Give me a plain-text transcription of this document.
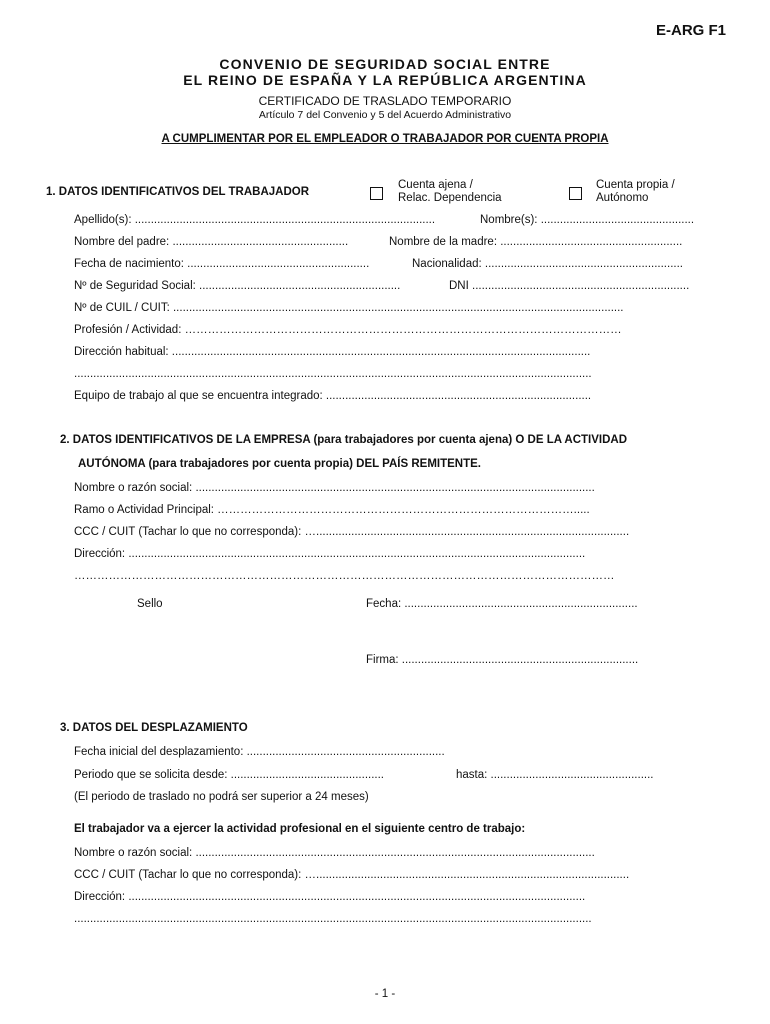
E-ARG F1
CONVENIO DE SEGURIDAD SOCIAL ENTRE
EL REINO DE ESPAÑA Y LA REPÚBLICA ARGENTINA
CERTIFICADO DE TRASLADO TEMPORARIO
Artículo 7 del Convenio y 5 del Acuerdo Administrativo
A CUMPLIMENTAR POR EL EMPLEADOR O TRABAJADOR POR CUENTA PROPIA
1. DATOS IDENTIFICATIVOS DEL TRABAJADOR
Cuenta ajena /
Relac. Dependencia
Cuenta propia /
Autónomo
Apellido(s): ..............................................................................................	Nombre(s): ................................................
Nombre del padre: .......................................................	Nombre de la madre: .........................................................
Fecha de nacimiento: .........................................................	Nacionalidad: ..............................................................
Nº de Seguridad Social: ...............................................................	DNI ....................................................................
Nº de CUIL / CUIT: .............................................................................................................................................
Profesión / Actividad: ……………………………………………………………………………………………………
Dirección habitual: ...................................................................................................................................
..................................................................................................................................................................
Equipo de trabajo al que se encuentra integrado: ...................................................................................
2. DATOS IDENTIFICATIVOS DE LA EMPRESA (para trabajadores por cuenta ajena) O DE LA ACTIVIDAD
AUTÓNOMA (para trabajadores por cuenta propia) DEL PAÍS REMITENTE.
Nombre o razón social: .............................................................................................................................
Ramo o Actividad Principal: ………………………………………………………………………………….....
CCC / CUIT (Tachar lo que no corresponda): …..................................................................................................
Dirección: ...............................................................................................................................................
……………………………………………………………………………………………………………………………
Sello	Fecha: .........................................................................
Firma: ..........................................................................
3. DATOS DEL DESPLAZAMIENTO
Fecha inicial del desplazamiento: ..............................................................
Periodo que se solicita desde: ................................................	hasta: ...................................................
(El periodo de traslado no podrá ser superior a 24 meses)
El trabajador va a ejercer la actividad profesional en el siguiente centro de trabajo:
Nombre o razón social: .............................................................................................................................
CCC / CUIT (Tachar lo que no corresponda): …..................................................................................................
Dirección: ...............................................................................................................................................
..................................................................................................................................................................
- 1 -
